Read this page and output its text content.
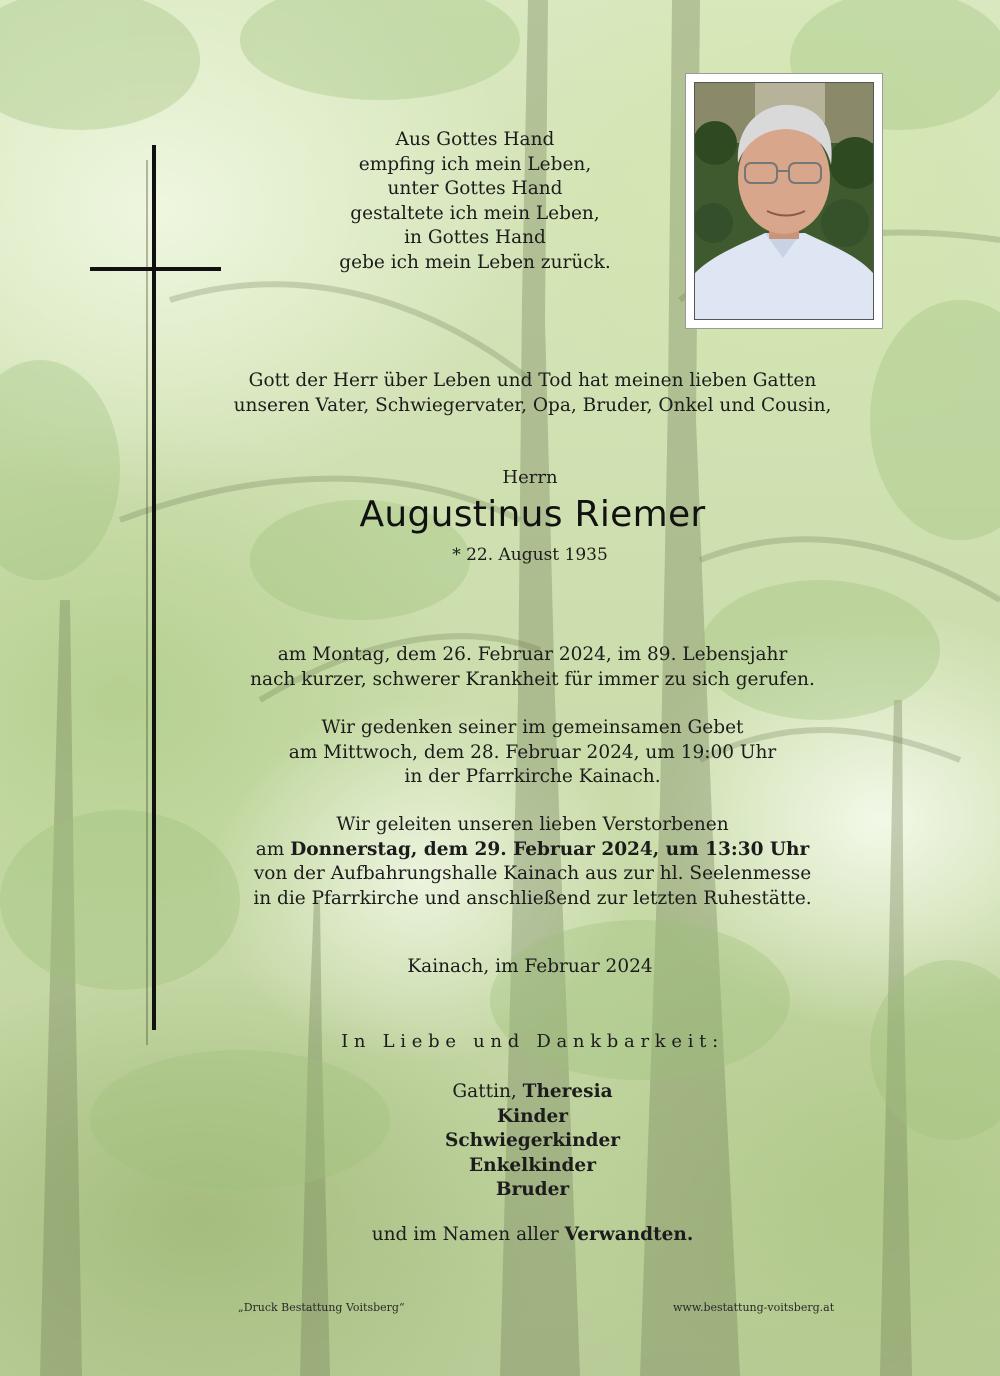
Aus Gottes Hand
empfing ich mein Leben,
unter Gottes Hand
gestaltete ich mein Leben,
in Gottes Hand
gebe ich mein Leben zurück.
Gott der Herr über Leben und Tod hat meinen lieben Gatten
unseren Vater, Schwiegervater, Opa, Bruder, Onkel und Cousin,
Herrn
Augustinus Riemer
* 22. August 1935
am Montag, dem 26. Februar 2024, im 89. Lebensjahr
nach kurzer, schwerer Krankheit für immer zu sich gerufen.
Wir gedenken seiner im gemeinsamen Gebet
am Mittwoch, dem 28. Februar 2024, um 19:00 Uhr
in der Pfarrkirche Kainach.
Wir geleiten unseren lieben Verstorbenen
am Donnerstag, dem 29. Februar 2024, um 13:30 Uhr
von der Aufbahrungshalle Kainach aus zur hl. Seelenmesse
in die Pfarrkirche und anschließend zur letzten Ruhestätte.
Kainach, im Februar 2024
In Liebe und Dankbarkeit:
Gattin, Theresia
Kinder
Schwiegerkinder
Enkelkinder
Bruder
und im Namen aller Verwandten.
„Druck Bestattung Voitsberg“	www.bestattung-voitsberg.at
